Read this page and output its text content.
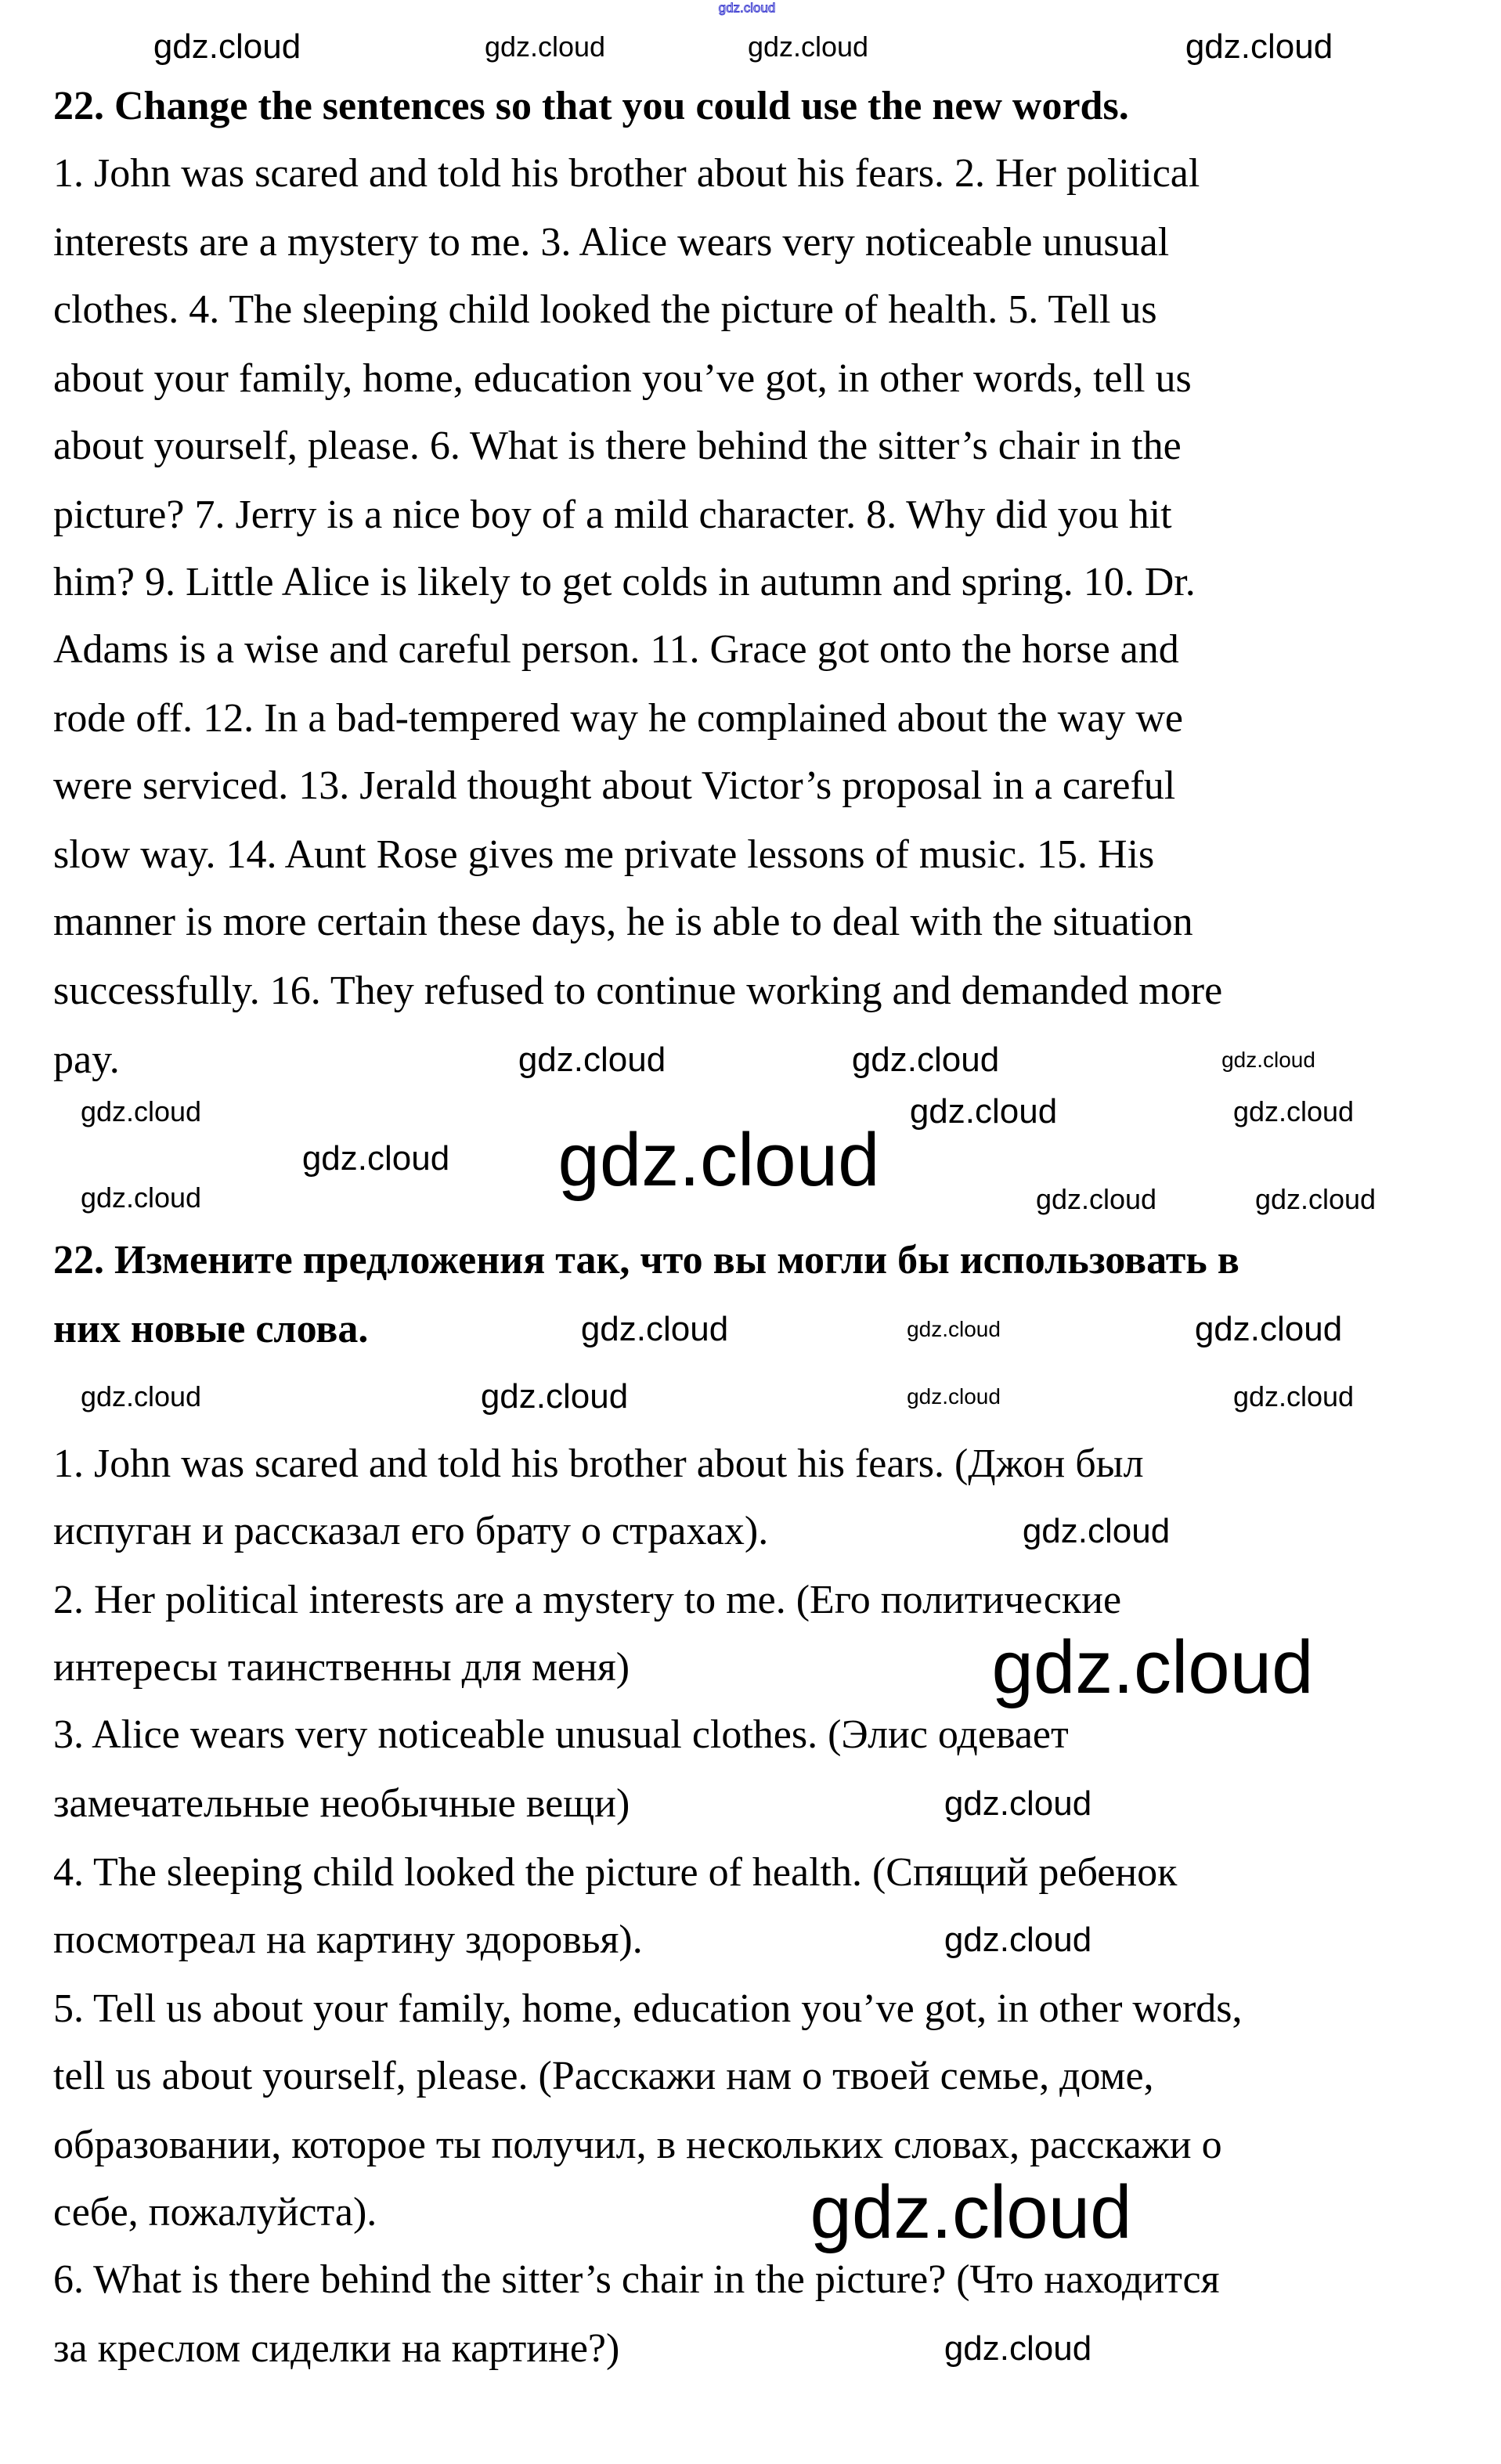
22. Change the sentences so that you could use the new words.
1. John was scared and told his brother about his fears. 2. Her political
interests are a mystery to me. 3. Alice wears very noticeable unusual
clothes. 4. The sleeping child looked the picture of health. 5. Tell us
about your family, home, education you’ve got, in other words, tell us
about yourself, please. 6. What is there behind the sitter’s chair in the
picture? 7. Jerry is a nice boy of a mild character. 8. Why did you hit
him? 9. Little Alice is likely to get colds in autumn and spring. 10. Dr.
Adams is a wise and careful person. 11. Grace got onto the horse and
rode off. 12. In a bad-tempered way he complained about the way we
were serviced. 13. Jerald thought about Victor’s proposal in a careful
slow way. 14. Aunt Rose gives me private lessons of music. 15. His
manner is more certain these days, he is able to deal with the situation
successfully. 16. They refused to continue working and demanded more
pay.
22. Измените предложения так, что вы могли бы использовать в
них новые слова.
1. John was scared and told his brother about his fears. (Джон был
испуган и рассказал его брату о страхах).
2. Her political interests are a mystery to me. (Его политические
интересы таинственны для меня)
3. Alice wears very noticeable unusual clothes. (Элис одевает
замечательные необычные вещи)
4. The sleeping child looked the picture of health. (Спящий ребенок
посмотреал на картину здоровья).
5. Tell us about your family, home, education you’ve got, in other words,
tell us about yourself, please. (Расскажи нам о твоей семье, доме,
образовании, которое ты получил, в нескольких словах, расскажи о
себе, пожалуйста).
6. What is there behind the sitter’s chair in the picture? (Что находится
за креслом сиделки на картине?)
gdz.cloud
gdz.cloud	gdz.cloud	gdz.cloud	gdz.cloud
gdz.cloud	gdz.cloud	gdz.cloud
gdz.cloud	gdz.cloud	gdz.cloud
gdz.cloud gdz.cloud
gdz.cloud	gdz.cloud	gdz.cloud
gdz.cloud	gdz.cloud	gdz.cloud
gdz.cloud	gdz.cloud	gdz.cloud	gdz.cloud
gdz.cloud
gdz.cloud
gdz.cloud
gdz.cloud
gdz.cloud
gdz.cloud
